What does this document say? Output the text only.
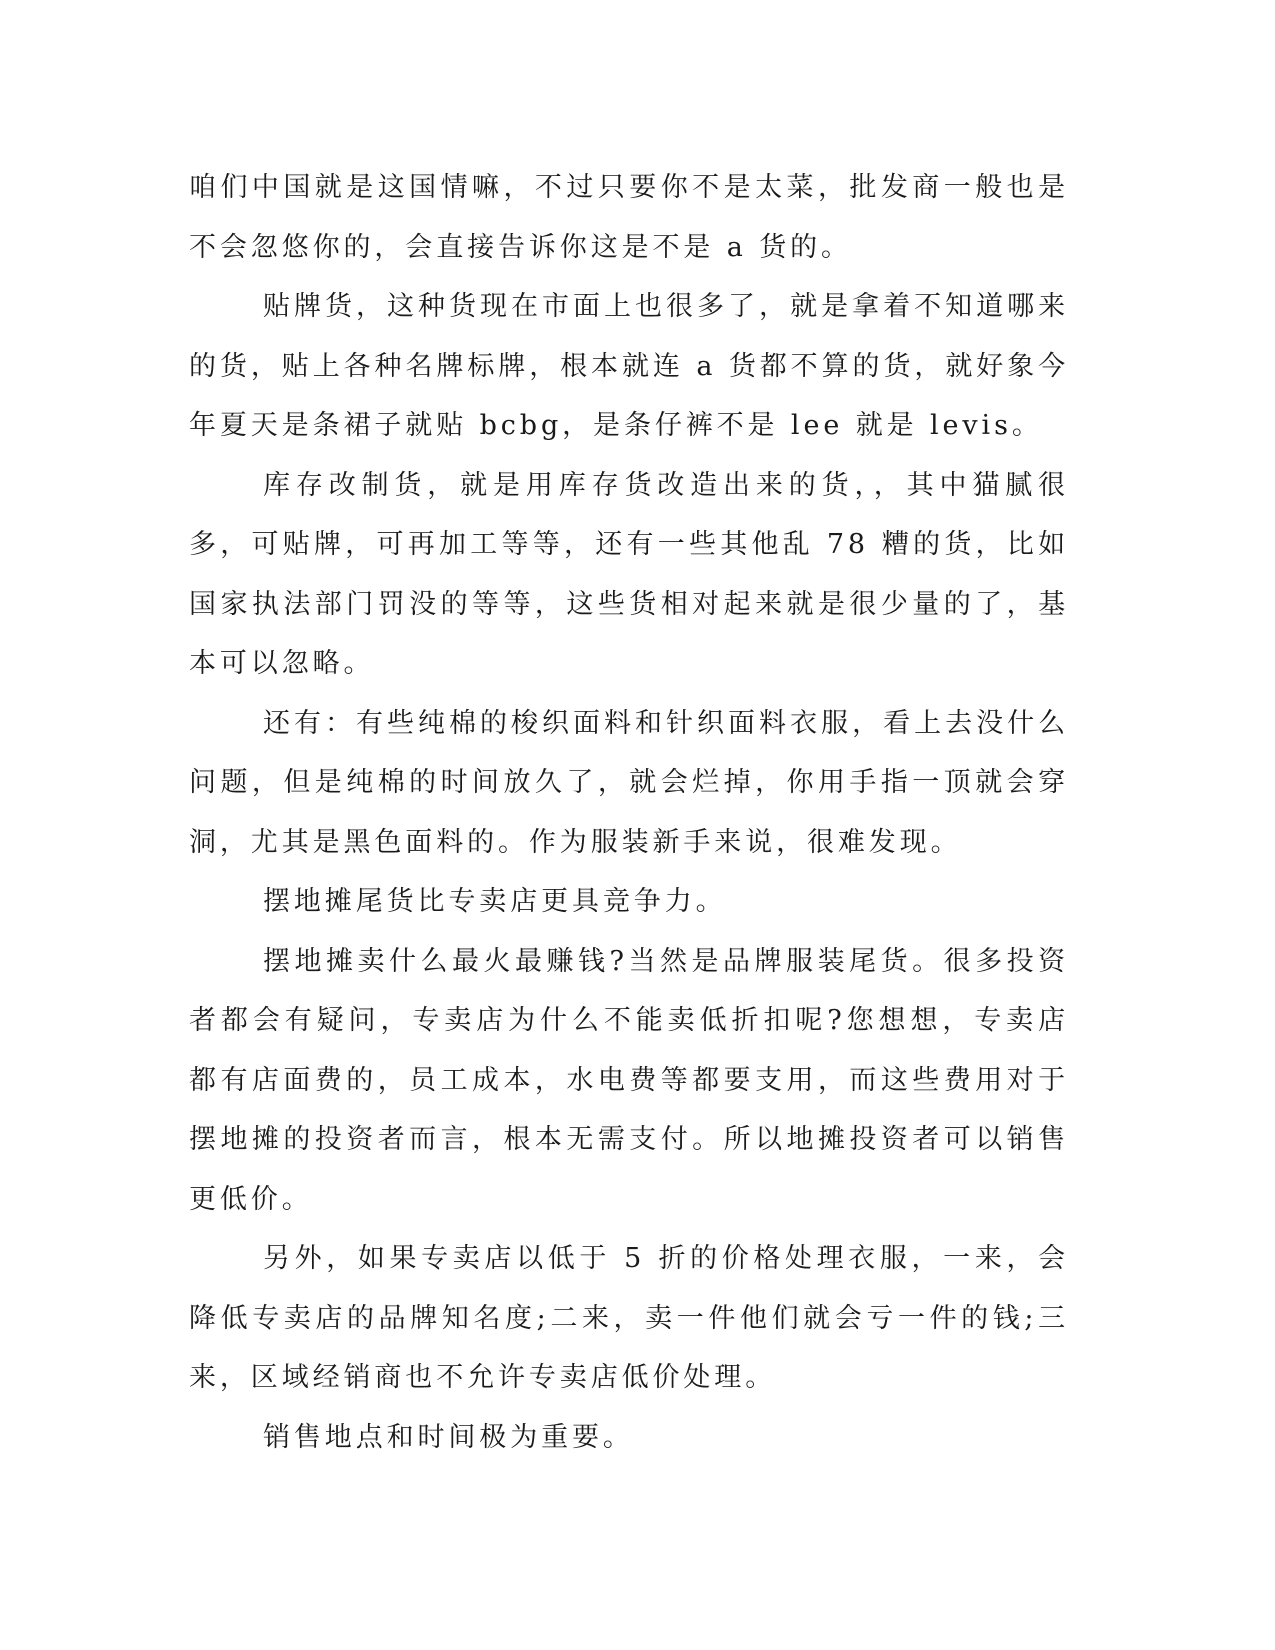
咱们中国就是这国情嘛，不过只要你不是太菜，批发商一般也是不会忽悠你的，会直接告诉你这是不是 a 货的。

贴牌货，这种货现在市面上也很多了，就是拿着不知道哪来的货，贴上各种名牌标牌，根本就连 a 货都不算的货，就好象今年夏天是条裙子就贴 bcbg，是条仔裤不是 lee 就是 levis。

库存改制货，就是用库存货改造出来的货，，其中猫腻很多，可贴牌，可再加工等等，还有一些其他乱 78 糟的货，比如国家执法部门罚没的等等，这些货相对起来就是很少量的了，基本可以忽略。

还有：有些纯棉的梭织面料和针织面料衣服，看上去没什么问题，但是纯棉的时间放久了，就会烂掉，你用手指一顶就会穿洞，尤其是黑色面料的。作为服装新手来说，很难发现。

摆地摊尾货比专卖店更具竞争力。

摆地摊卖什么最火最赚钱?当然是品牌服装尾货。很多投资者都会有疑问，专卖店为什么不能卖低折扣呢?您想想，专卖店都有店面费的，员工成本，水电费等都要支用，而这些费用对于摆地摊的投资者而言，根本无需支付。所以地摊投资者可以销售更低价。

另外，如果专卖店以低于 5 折的价格处理衣服，一来，会降低专卖店的品牌知名度;二来，卖一件他们就会亏一件的钱;三来，区域经销商也不允许专卖店低价处理。

销售地点和时间极为重要。
